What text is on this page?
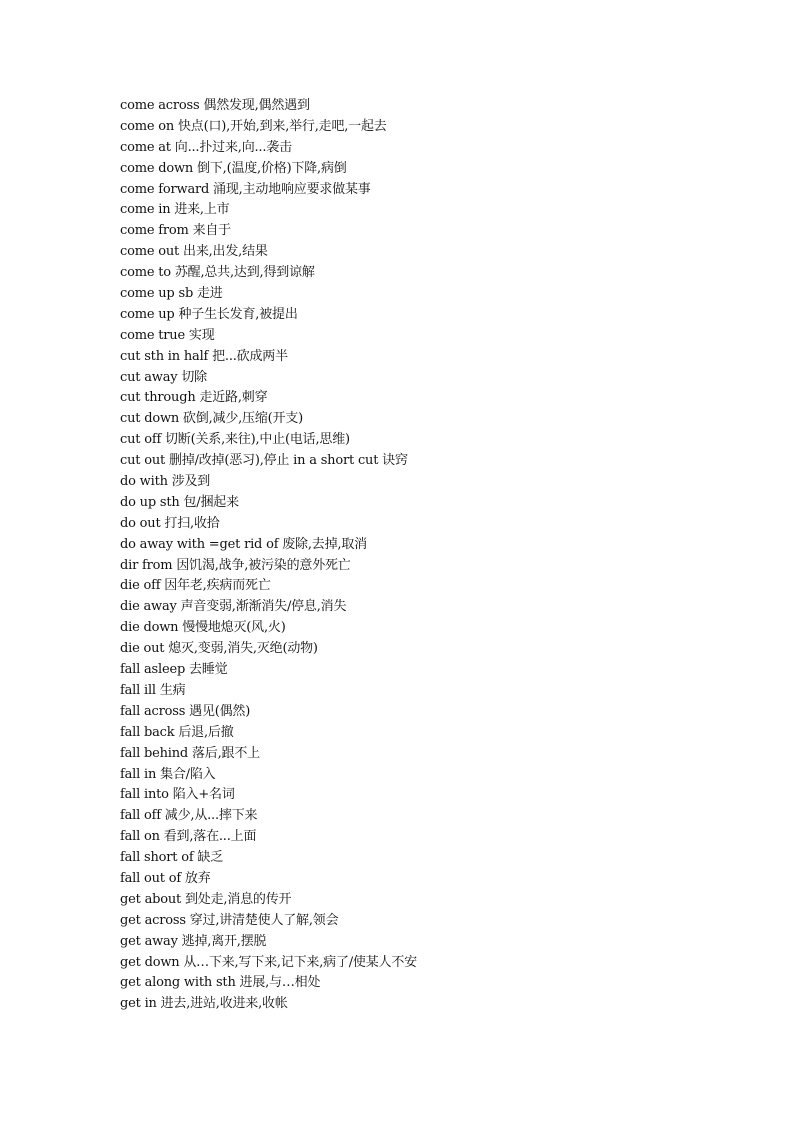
come across 偶然发现,偶然遇到
come on 快点(口),开始,到来,举行,走吧,一起去
come at 向...扑过来,向...袭击
come down 倒下,(温度,价格)下降,病倒
come forward 涌现,主动地响应要求做某事
come in 进来,上市
come from 来自于
come out 出来,出发,结果
come to 苏醒,总共,达到,得到谅解
come up sb 走进
come up 种子生长发育,被提出
come true 实现
cut sth in half 把...砍成两半
cut away 切除
cut through 走近路,刺穿
cut down 砍倒,减少,压缩(开支)
cut off 切断(关系,来往),中止(电话,思维)
cut out 删掉/改掉(恶习),停止 in a short cut 诀窍
do with 涉及到
do up sth 包/捆起来
do out 打扫,收拾
do away with =get rid of 废除,去掉,取消
dir from 因饥渴,战争,被污染的意外死亡
die off 因年老,疾病而死亡
die away 声音变弱,渐渐消失/停息,消失
die down 慢慢地熄灭(风,火)
die out 熄灭,变弱,消失,灭绝(动物)
fall asleep 去睡觉
fall ill 生病
fall across 遇见(偶然)
fall back 后退,后撤
fall behind 落后,跟不上
fall in 集合/陷入
fall into 陷入+名词
fall off 减少,从...摔下来
fall on 看到,落在...上面
fall short of 缺乏
fall out of 放弃
get about 到处走,消息的传开
get across 穿过,讲清楚使人了解,领会
get away 逃掉,离开,摆脱
get down 从…下来,写下来,记下来,病了/使某人不安
get along with sth 进展,与…相处
get in 进去,进站,收进来,收帐
